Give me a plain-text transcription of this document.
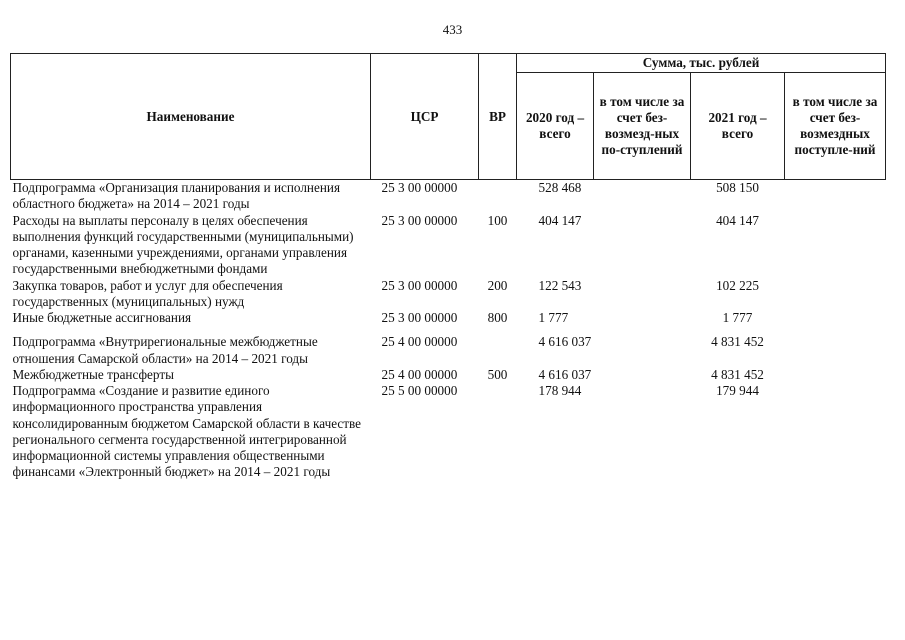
433
Наименование	ЦСР	ВР	Сумма, тыс. рублей			
			2020 год – всего	в том числе за счет без-возмезд-ных по-ступлений	2021 год – всего	в том числе за счет без-возмездных поступле-ний
Подпрограмма «Организация планирования и исполнения областного бюджета» на 2014 – 2021 годы	25 3 00 00000		528 468		508 150	
Расходы на выплаты персоналу в целях обеспечения выполнения функций государственными (муниципальными) органами, казенными учреждениями, органами управления государственными внебюджетными фондами	25 3 00 00000	100	404 147		404 147	
Закупка товаров, работ и услуг для обеспечения государственных (муниципальных) нужд	25 3 00 00000	200	122 543		102 225	
Иные бюджетные ассигнования	25 3 00 00000	800	1 777		1 777	
Подпрограмма «Внутрирегиональные межбюджетные отношения Самарской области» на 2014 – 2021 годы	25 4 00 00000		4 616 037		4 831 452	
Межбюджетные трансферты	25 4 00 00000	500	4 616 037		4 831 452	
Подпрограмма «Создание и развитие единого информационного пространства управления консолидированным бюджетом Самарской области в качестве регионального сегмента государственной интегрированной информационной системы управления общественными финансами «Электронный бюджет» на 2014 – 2021 годы	25 5 00 00000		178 944		179 944	
